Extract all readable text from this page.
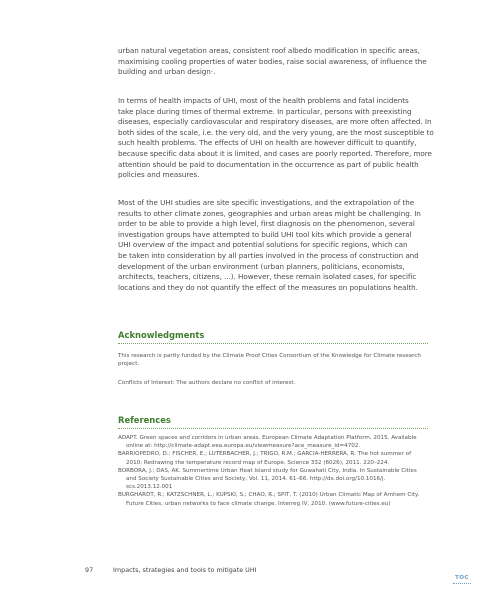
urban natural vegetation areas, consistent roof albedo modification in specific areas,
maximising cooling properties of water bodies, raise social awareness, of influence the
building and urban design·.

In terms of health impacts of UHI, most of the health problems and fatal incidents
take place during times of thermal extreme. In particular, persons with preexisting
diseases, especially cardiovascular and respiratory diseases, are more often affected. In
both sides of the scale, i.e. the very old, and the very young, are the most susceptible to
such health problems. The effects of UHI on health are however difficult to quantify,
because specific data about it is limited, and cases are poorly reported. Therefore, more
attention should be paid to documentation in the occurrence as part of public health
policies and measures.

Most of the UHI studies are site specific investigations, and the extrapolation of the
results to other climate zones, geographies and urban areas might be challenging. In
order to be able to provide a high level, first diagnosis on the phenomenon, several
investigation groups have attempted to build UHI tool kits which provide a general
UHI overview of the impact and potential solutions for specific regions, which can
be taken into consideration by all parties involved in the process of construction and
development of the urban environment (urban planners, politicians, economists,
architects, teachers, citizens, ...). However, these remain isolated cases, for specific
locations and they do not quantify the effect of the measures on populations health.

Acknowledgments

This research is partly funded by the Climate Proof Cities Consortium of the Knowledge for Climate research
project.

Conflicts of Interest: The authors declare no conflict of interest.

References

ADAPT. Green spaces and corridors in urban areas. European Climate Adaptation Platform, 2015. Available
online at: http://climate-adapt.eea.europa.eu/viewmeasure?ace_measure_id=4702.

BARRIOPEDRO, D.; FISCHER, E.; LUTERBACHER, J.; TRIGO, R.M.; GARCIA-HERRERA, R. The hot summer of
2010: Redrawing the temperature record map of Europe. Science 332 (6026), 2011. 220–224.

BORBORA, J.; DAS, AK. Summertime Urban Heat Island study for Guwahati City, India. In Sustainable Cities
and Society Sustainable Cities and Society, Vol. 11, 2014. 61–66. http://dx.doi.org/10.1016/j.
scs.2013.12.001

BURGHARDT, R.; KATZSCHNER, L.; KUPSKI, S.; CHAO, R.; SPIT, T. (2010) Urban Climatic Map of Arnhem City.
Future Cities, urban networks to face climate change. Interreg IV, 2010. (www.future-cities.eu)

97	Impacts, strategies and tools to mitigate UHI
TOC
